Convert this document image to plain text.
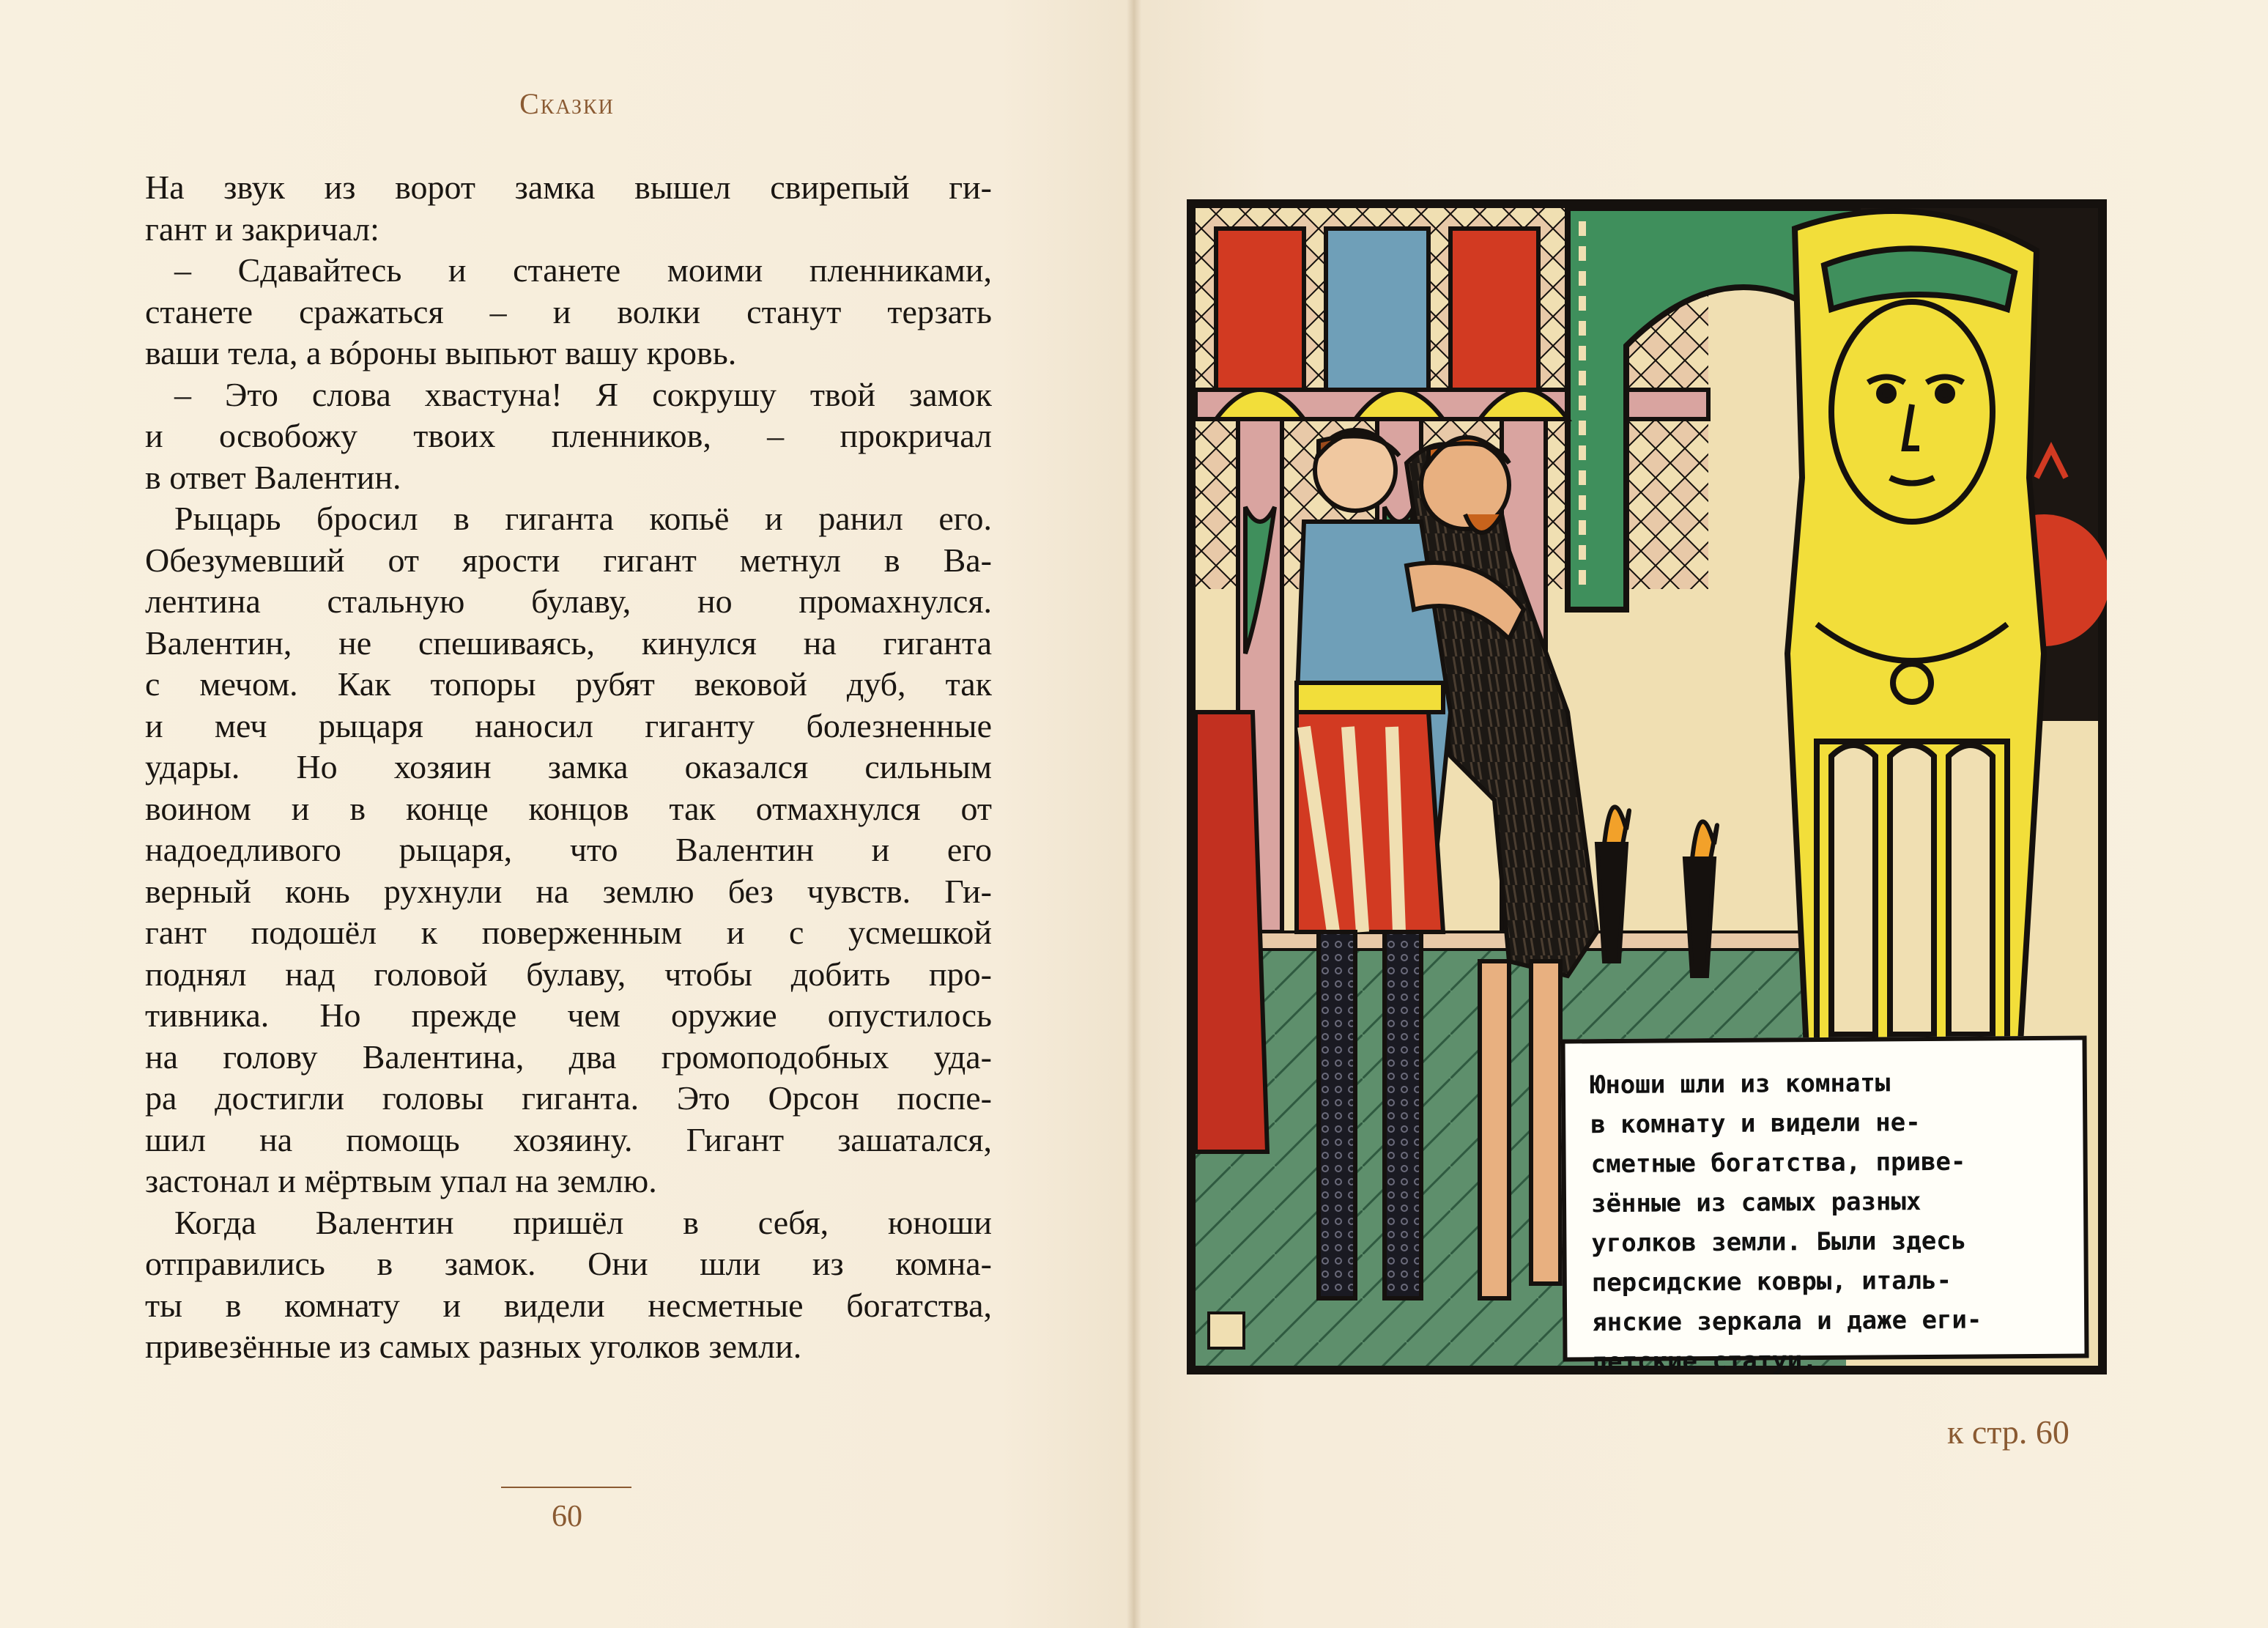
Сказки
На звук из ворот замка вышел свирепый ги-
гант и закричал:
– Сдавайтесь и станете моими пленниками,
станете сражаться – и волки станут терзать
ваши тела, а вóроны выпьют вашу кровь.
– Это слова хвастуна! Я сокрушу твой замок
и освобожу твоих пленников, – прокричал
в ответ Валентин.
Рыцарь бросил в гиганта копьё и ранил его.
Обезумевший от ярости гигант метнул в Ва-
лентина стальную булаву, но промахнулся.
Валентин, не спешиваясь, кинулся на гиганта
с мечом. Как топоры рубят вековой дуб, так
и меч рыцаря наносил гиганту болезненные
удары. Но хозяин замка оказался сильным
воином и в конце концов так отмахнулся от
надоедливого рыцаря, что Валентин и его
верный конь рухнули на землю без чувств. Ги-
гант подошёл к поверженным и с усмешкой
поднял над головой булаву, чтобы добить про-
тивника. Но прежде чем оружие опустилось
на голову Валентина, два громоподобных уда-
ра достигли головы гиганта. Это Орсон поспе-
шил на помощь хозяину. Гигант зашатался,
застонал и мёртвым упал на землю.
Когда Валентин пришёл в себя, юноши
отправились в замок. Они шли из комна-
ты в комнату и видели несметные богатства,
привезённые из самых разных уголков земли.
60
Юноши шли из комнаты
в комнату и видели не-
сметные богатства, приве-
зённые из самых разных
уголков земли. Были здесь
персидские ковры, италь-
янские зеркала и даже еги-
петские статуи.
к стр. 60
